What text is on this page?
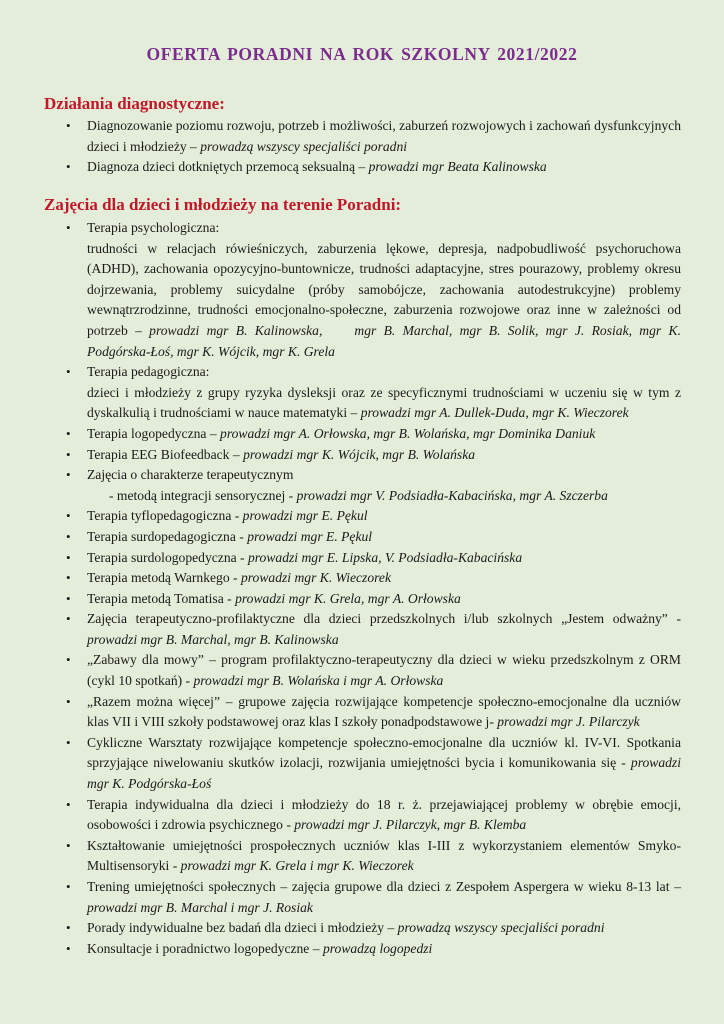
OFERTA PORADNI NA ROK SZKOLNY 2021/2022
Działania diagnostyczne:
• Diagnozowanie poziomu rozwoju, potrzeb i możliwości, zaburzeń rozwojowych i zachowań dysfunkcyjnych dzieci i młodzieży – prowadzą wszyscy specjaliści poradni
• Diagnoza dzieci dotkniętych przemocą seksualną – prowadzi mgr Beata Kalinowska
Zajęcia dla dzieci i młodzieży na terenie Poradni:
• Terapia psychologiczna:
trudności w relacjach rówieśniczych, zaburzenia lękowe, depresja, nadpobudliwość psychoruchowa (ADHD), zachowania opozycyjno-buntownicze, trudności adaptacyjne, stres pourazowy, problemy okresu dojrzewania, problemy suicydalne (próby samobójcze, zachowania autodestrukcyjne) problemy wewnątrzrodzinne, trudności emocjonalno-społeczne, zaburzenia rozwojowe oraz inne w zależności od potrzeb – prowadzi mgr B. Kalinowska, mgr B. Marchal, mgr B. Solik, mgr J. Rosiak, mgr K. Podgórska-Łoś, mgr K. Wójcik, mgr K. Grela
• Terapia pedagogiczna:
dzieci i młodzieży z grupy ryzyka dysleksji oraz ze specyficznymi trudnościami w uczeniu się w tym z dyskalkulią i trudnościami w nauce matematyki – prowadzi mgr A. Dullek-Duda, mgr K. Wieczorek
• Terapia logopedyczna – prowadzi mgr A. Orłowska, mgr B. Wolańska, mgr Dominika Daniuk
• Terapia EEG Biofeedback – prowadzi mgr K. Wójcik, mgr B. Wolańska
• Zajęcia o charakterze terapeutycznym
- metodą integracji sensorycznej - prowadzi mgr V. Podsiadła-Kabacińska, mgr A. Szczerba
• Terapia tyflopedagogiczna - prowadzi mgr E. Pękul
• Terapia surdopedagogiczna - prowadzi mgr E. Pękul
• Terapia surdologopedyczna - prowadzi mgr E. Lipska, V. Podsiadła-Kabacińska
• Terapia metodą Warnkego - prowadzi mgr K. Wieczorek
• Terapia metodą Tomatisa - prowadzi mgr K. Grela, mgr A. Orłowska
• Zajęcia terapeutyczno-profilaktyczne dla dzieci przedszkolnych i/lub szkolnych „Jestem odważny” - prowadzi mgr B. Marchal, mgr B. Kalinowska
• „Zabawy dla mowy” – program profilaktyczno-terapeutyczny dla dzieci w wieku przedszkolnym z ORM (cykl 10 spotkań) - prowadzi mgr B. Wolańska i mgr A. Orłowska
• „Razem można więcej” – grupowe zajęcia rozwijające kompetencje społeczno-emocjonalne dla uczniów klas VII i VIII szkoły podstawowej oraz klas I szkoły ponadpodstawowe j- prowadzi mgr J. Pilarczyk
• Cykliczne Warsztaty rozwijające kompetencje społeczno-emocjonalne dla uczniów kl. IV-VI. Spotkania sprzyjające niwelowaniu skutków izolacji, rozwijania umiejętności bycia i komunikowania się - prowadzi mgr K. Podgórska-Łoś
• Terapia indywidualna dla dzieci i młodzieży do 18 r. ż. przejawiającej problemy w obrębie emocji, osobowości i zdrowia psychicznego - prowadzi mgr J. Pilarczyk, mgr B. Klemba
• Kształtowanie umiejętności prospołecznych uczniów klas I-III z wykorzystaniem elementów Smyko-Multisensoryki - prowadzi mgr K. Grela i mgr K. Wieczorek
• Trening umiejętności społecznych – zajęcia grupowe dla dzieci z Zespołem Aspergera w wieku 8-13 lat – prowadzi mgr B. Marchal i mgr J. Rosiak
• Porady indywidualne bez badań dla dzieci i młodzieży – prowadzą wszyscy specjaliści poradni
• Konsultacje i poradnictwo logopedyczne – prowadzą logopedzi
